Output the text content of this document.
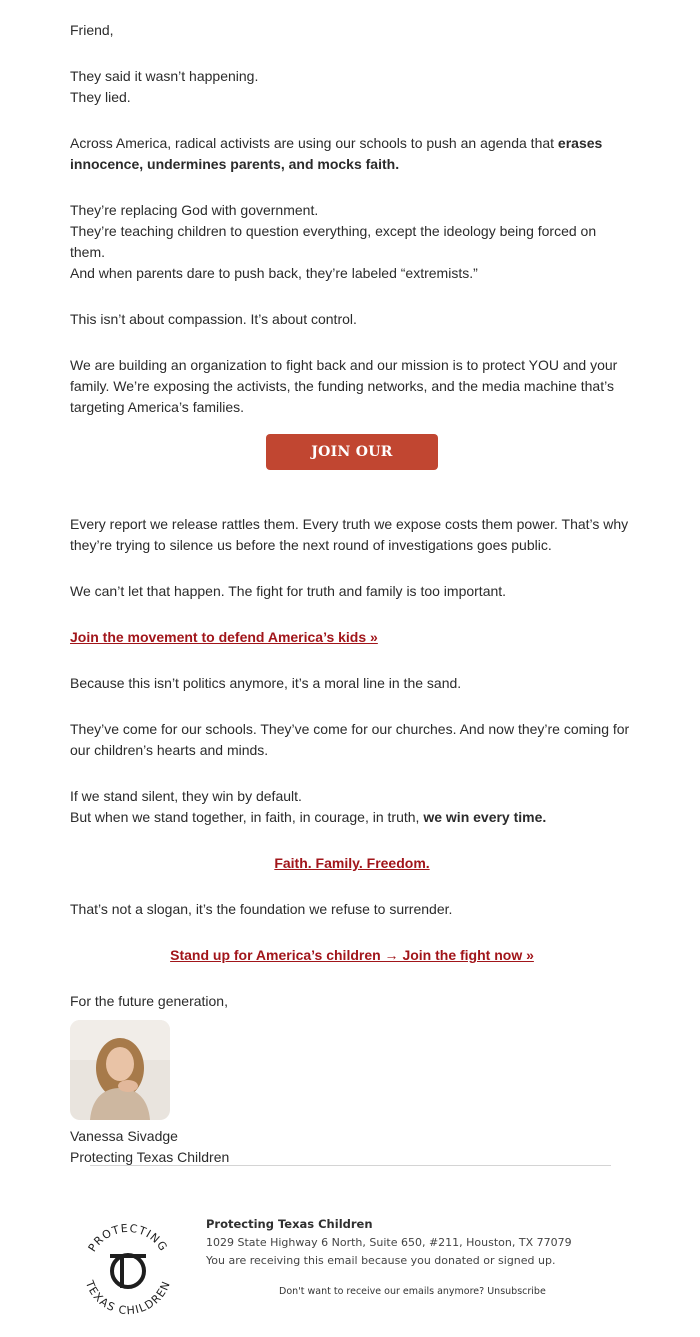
Friend,

They said it wasn’t happening.

They lied.

Across America, radical activists are using our schools to push an agenda that erases innocence, undermines parents, and mocks faith.

They’re replacing God with government.

They’re teaching children to question everything, except the ideology being forced on them.

And when parents dare to push back, they’re labeled “extremists.”

This isn’t about compassion. It’s about control.

We are building an organization to fight back and our mission is to protect YOU and your family. We’re exposing the activists, the funding networks, and the media machine that’s targeting America’s families.

JOIN OUR FIGHT

Every report we release rattles them. Every truth we expose costs them power. That’s why they’re trying to silence us before the next round of investigations goes public.

We can’t let that happen. The fight for truth and family is too important.

Join the movement to defend America’s kids »

Because this isn’t politics anymore, it’s a moral line in the sand.

They’ve come for our schools. They’ve come for our churches. And now they’re coming for our children’s hearts and minds.

If we stand silent, they win by default.

But when we stand together, in faith, in courage, in truth, we win every time.

Faith. Family. Freedom.

That’s not a slogan, it’s the foundation we refuse to surrender.

Stand up for America’s children → Join the fight now »

For the future generation,

Vanessa Sivadge

Protecting Texas Children

PROTECTING
TEXAS CHILDREN
Protecting Texas Children
1029 State Highway 6 North, Suite 650, #211, Houston, TX 77079
You are receiving this email because you donated or signed up.
Don't want to receive our emails anymore? Unsubscribe
